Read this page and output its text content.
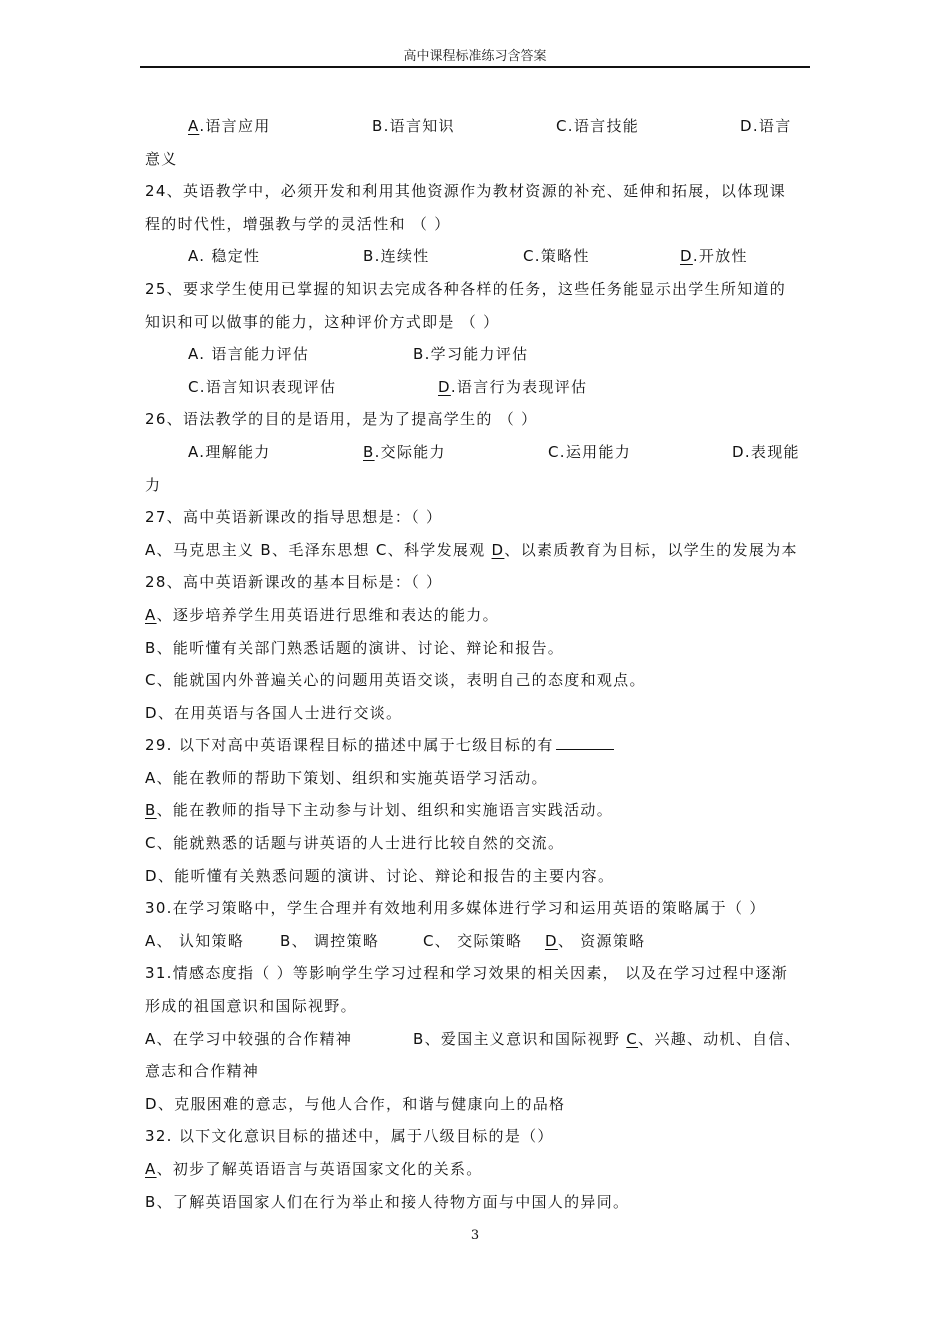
高中课程标准练习含答案
A.语言应用	B.语言知识	C.语言技能	D.语言
意义
24、英语教学中，必须开发和利用其他资源作为教材资源的补充、延伸和拓展，以体现课
程的时代性，增强教与学的灵活性和 （ ）
A. 稳定性	B.连续性	C.策略性	D.开放性
25、要求学生使用已掌握的知识去完成各种各样的任务，这些任务能显示出学生所知道的
知识和可以做事的能力，这种评价方式即是 （ ）
A. 语言能力评估	B.学习能力评估
C.语言知识表现评估	D.语言行为表现评估
26、语法教学的目的是语用，是为了提高学生的 （ ）
A.理解能力	B.交际能力	C.运用能力	D.表现能
力
27、高中英语新课改的指导思想是：（ ）
A、马克思主义 B、毛泽东思想 C、科学发展观 D、以素质教育为目标，以学生的发展为本
28、高中英语新课改的基本目标是：（ ）
A、逐步培养学生用英语进行思维和表达的能力。
B、能听懂有关部门熟悉话题的演讲、讨论、辩论和报告。
C、能就国内外普遍关心的问题用英语交谈，表明自己的态度和观点。
D、在用英语与各国人士进行交谈。
29. 以下对高中英语课程目标的描述中属于七级目标的有
A、能在教师的帮助下策划、组织和实施英语学习活动。
B、能在教师的指导下主动参与计划、组织和实施语言实践活动。
C、能就熟悉的话题与讲英语的人士进行比较自然的交流。
D、能听懂有关熟悉问题的演讲、讨论、辩论和报告的主要内容。
30.在学习策略中，学生合理并有效地利用多媒体进行学习和运用英语的策略属于（ ）
A、 认知策略 B、 调控策略	C、 交际策略 D、 资源策略
31.情感态度指（ ）等影响学生学习过程和学习效果的相关因素， 以及在学习过程中逐渐
形成的祖国意识和国际视野。
A、在学习中较强的合作精神	B、爱国主义意识和国际视野 C、兴趣、动机、自信、
意志和合作精神
D、克服困难的意志，与他人合作，和谐与健康向上的品格
32. 以下文化意识目标的描述中，属于八级目标的是（）
A、初步了解英语语言与英语国家文化的关系。
B、了解英语国家人们在行为举止和接人待物方面与中国人的异同。
3
